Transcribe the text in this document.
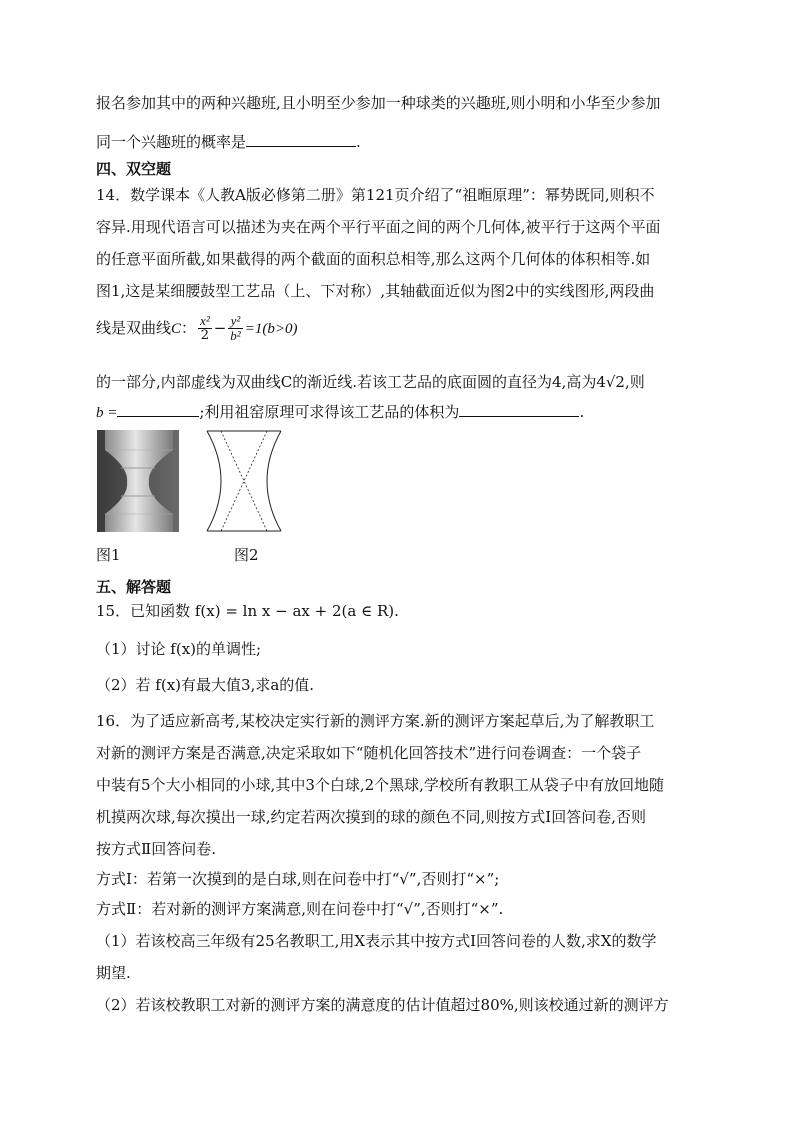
报名参加其中的两种兴趣班,且小明至少参加一种球类的兴趣班,则小明和小华至少参加
同一个兴趣班的概率是	.
四、双空题
14．数学课本《人教A版必修第二册》第121页介绍了“祖暅原理”：幂势既同,则积不
容异.用现代语言可以描述为夹在两个平行平面之间的两个几何体,被平行于这两个平面
的任意平面所截,如果截得的两个截面的面积总相等,那么这两个几何体的体积相等.如
图1,这是某细腰鼓型工艺品（上、下对称）,其轴截面近似为图2中的实线图形,两段曲
线是双曲线C： $\frac{\text{x²}}{2} - \frac{\text{y²}}{\text{b²}} =1(b>0)$
的一部分,内部虚线为双曲线C的渐近线.若该工艺品的底面圆的直径为4,高为4√2,则
b =	;利用祖窑原理可求得该工艺品的体积为	.
图1	图2
五、解答题
15．已知函数 f(x) = ln x − ax + 2(a ∈ R).
（1）讨论 f(x)的单调性;
（2）若 f(x)有最大值3,求a的值.
16．为了适应新高考,某校决定实行新的测评方案.新的测评方案起草后,为了解教职工
对新的测评方案是否满意,决定采取如下“随机化回答技术”进行问卷调查：一个袋子
中装有5个大小相同的小球,其中3个白球,2个黑球,学校所有教职工从袋子中有放回地随
机摸两次球,每次摸出一球,约定若两次摸到的球的颜色不同,则按方式Ⅰ回答问卷,否则
按方式Ⅱ回答问卷.
方式Ⅰ：若第一次摸到的是白球,则在问卷中打“√”,否则打“×”;
方式Ⅱ：若对新的测评方案满意,则在问卷中打“√”,否则打“×”.
（1）若该校高三年级有25名教职工,用X表示其中按方式Ⅰ回答问卷的人数,求X的数学
期望.
（2）若该校教职工对新的测评方案的满意度的估计值超过80%,则该校通过新的测评方
